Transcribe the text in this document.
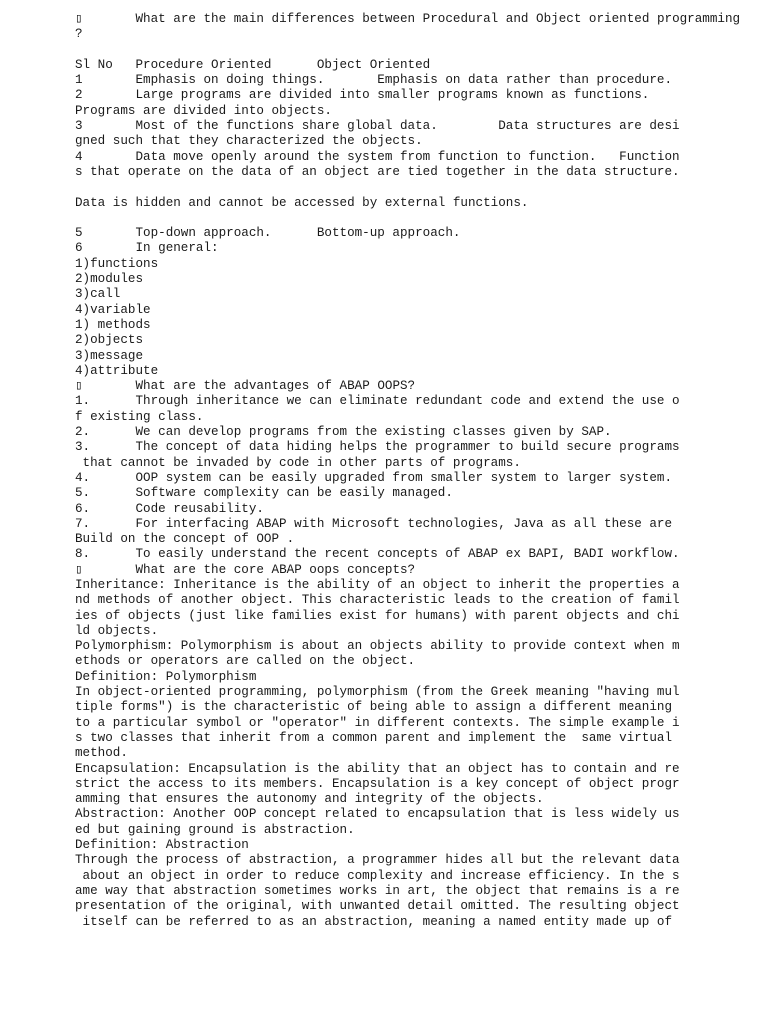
▯       What are the main differences between Procedural and Object oriented programming
?
Sl No   Procedure Oriented      Object Oriented
1       Emphasis on doing things.       Emphasis on data rather than procedure.
2       Large programs are divided into smaller programs known as functions.
Programs are divided into objects.
3       Most of the functions share global data.        Data structures are desi
gned such that they characterized the objects.
4       Data move openly around the system from function to function.   Function
s that operate on the data of an object are tied together in the data structure.
Data is hidden and cannot be accessed by external functions.
5       Top-down approach.      Bottom-up approach.
6       In general:
1)functions
2)modules
3)call
4)variable
1) methods
2)objects
3)message
4)attribute
▯       What are the advantages of ABAP OOPS?
1.      Through inheritance we can eliminate redundant code and extend the use o
f existing class.
2.      We can develop programs from the existing classes given by SAP.
3.      The concept of data hiding helps the programmer to build secure programs
that cannot be invaded by code in other parts of programs.
4.      OOP system can be easily upgraded from smaller system to larger system.
5.      Software complexity can be easily managed.
6.      Code reusability.
7.      For interfacing ABAP with Microsoft technologies, Java as all these are
Build on the concept of OOP .
8.      To easily understand the recent concepts of ABAP ex BAPI, BADI workflow.
▯       What are the core ABAP oops concepts?
Inheritance: Inheritance is the ability of an object to inherit the properties a
nd methods of another object. This characteristic leads to the creation of famil
ies of objects (just like families exist for humans) with parent objects and chi
ld objects.
Polymorphism: Polymorphism is about an objects ability to provide context when m
ethods or operators are called on the object.
Definition: Polymorphism
In object-oriented programming, polymorphism (from the Greek meaning "having mul
tiple forms") is the characteristic of being able to assign a different meaning
to a particular symbol or "operator" in different contexts. The simple example i
s two classes that inherit from a common parent and implement the  same virtual
method.
Encapsulation: Encapsulation is the ability that an object has to contain and re
strict the access to its members. Encapsulation is a key concept of object progr
amming that ensures the autonomy and integrity of the objects.
Abstraction: Another OOP concept related to encapsulation that is less widely us
ed but gaining ground is abstraction.
Definition: Abstraction
Through the process of abstraction, a programmer hides all but the relevant data
about an object in order to reduce complexity and increase efficiency. In the s
ame way that abstraction sometimes works in art, the object that remains is a re
presentation of the original, with unwanted detail omitted. The resulting object
itself can be referred to as an abstraction, meaning a named entity made up of
